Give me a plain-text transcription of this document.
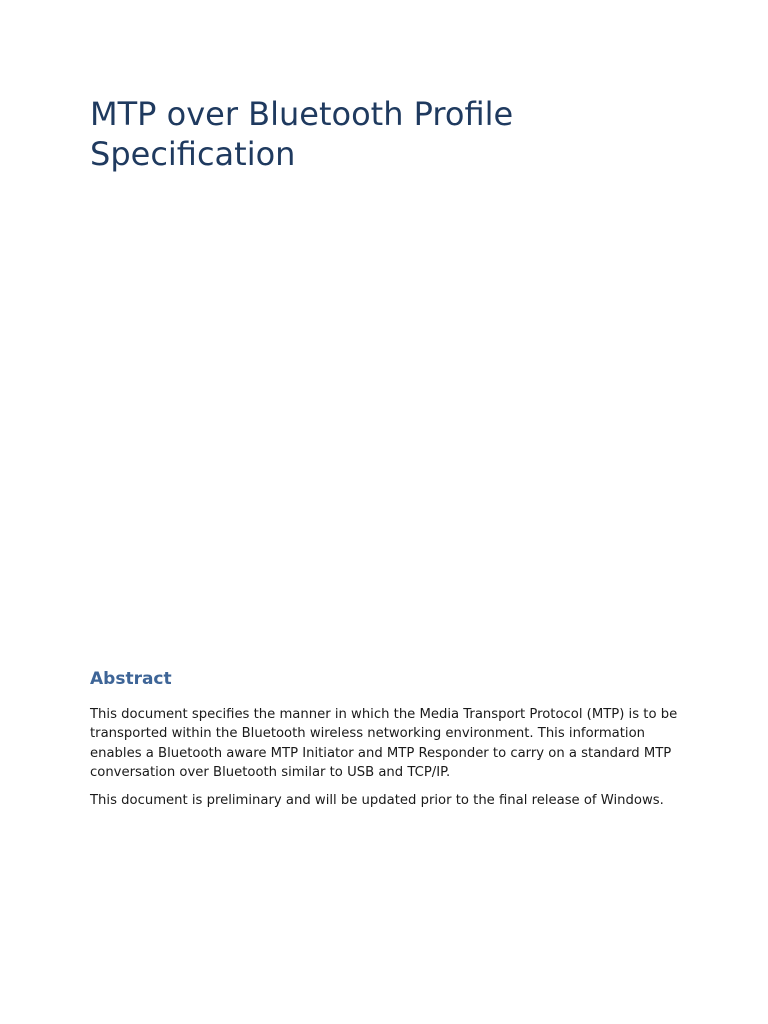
MTP over Bluetooth Profile Specification
Abstract

This document specifies the manner in which the Media Transport Protocol (MTP) is to be transported within the Bluetooth wireless networking environment. This information enables a Bluetooth aware MTP Initiator and MTP Responder to carry on a standard MTP conversation over Bluetooth similar to USB and TCP/IP.

This document is preliminary and will be updated prior to the final release of Windows.
